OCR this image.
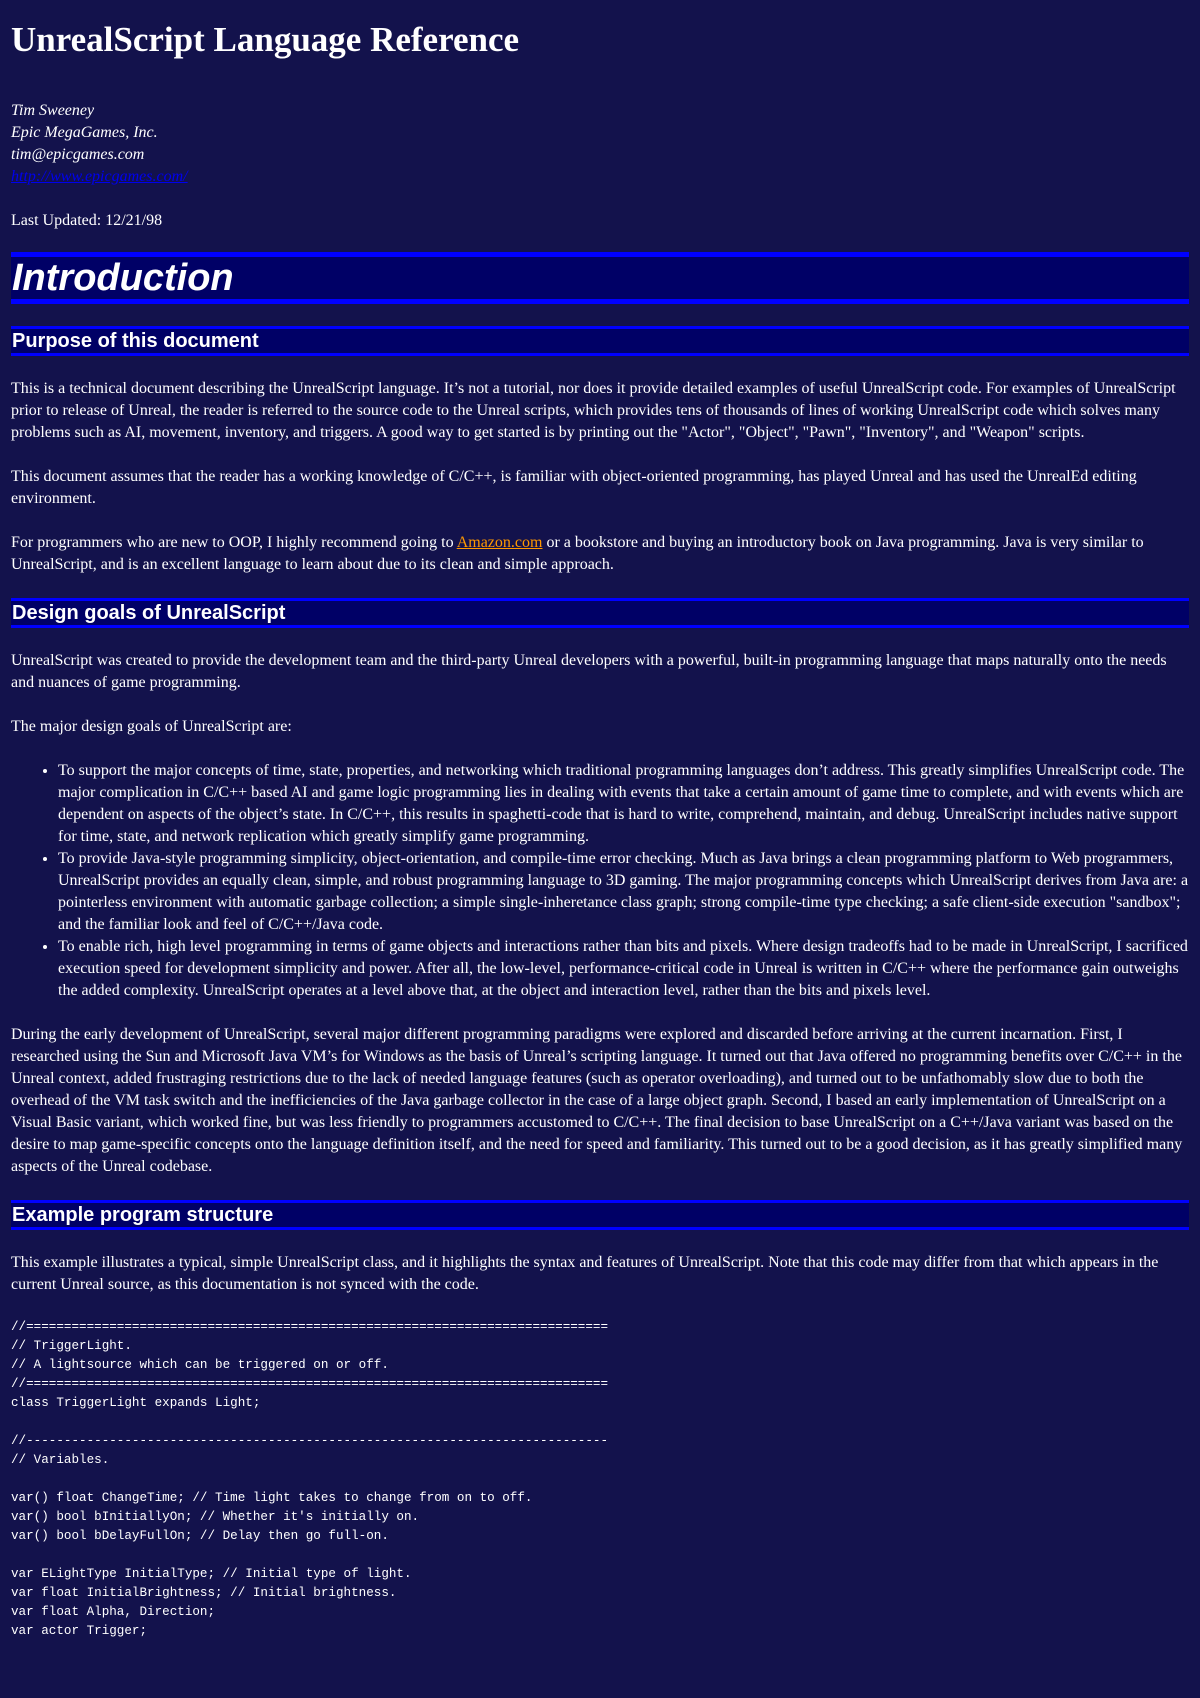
UnrealScript Language Reference
Tim Sweeney
Epic MegaGames, Inc.
tim@epicgames.com
http://www.epicgames.com/
Last Updated: 12/21/98
Introduction
Purpose of this document

This is a technical document describing the UnrealScript language. It’s not a tutorial, nor does it provide detailed examples of useful UnrealScript code. For examples of UnrealScript prior to release of Unreal, the reader is referred to the source code to the Unreal scripts, which provides tens of thousands of lines of working UnrealScript code which solves many problems such as AI, movement, inventory, and triggers. A good way to get started is by printing out the "Actor", "Object", "Pawn", "Inventory", and "Weapon" scripts.

This document assumes that the reader has a working knowledge of C/C++, is familiar with object-oriented programming, has played Unreal and has used the UnrealEd editing environment.

For programmers who are new to OOP, I highly recommend going to Amazon.com or a bookstore and buying an introductory book on Java programming. Java is very similar to UnrealScript, and is an excellent language to learn about due to its clean and simple approach.

Design goals of UnrealScript

UnrealScript was created to provide the development team and the third-party Unreal developers with a powerful, built-in programming language that maps naturally onto the needs and nuances of game programming.

The major design goals of UnrealScript are:

• To support the major concepts of time, state, properties, and networking which traditional programming languages don’t address. This greatly simplifies UnrealScript code. The major complication in C/C++ based AI and game logic programming lies in dealing with events that take a certain amount of game time to complete, and with events which are dependent on aspects of the object’s state. In C/C++, this results in spaghetti-code that is hard to write, comprehend, maintain, and debug. UnrealScript includes native support for time, state, and network replication which greatly simplify game programming.
• To provide Java-style programming simplicity, object-orientation, and compile-time error checking. Much as Java brings a clean programming platform to Web programmers, UnrealScript provides an equally clean, simple, and robust programming language to 3D gaming. The major programming concepts which UnrealScript derives from Java are: a pointerless environment with automatic garbage collection; a simple single-inheretance class graph; strong compile-time type checking; a safe client-side execution "sandbox"; and the familiar look and feel of C/C++/Java code.
• To enable rich, high level programming in terms of game objects and interactions rather than bits and pixels. Where design tradeoffs had to be made in UnrealScript, I sacrificed execution speed for development simplicity and power. After all, the low-level, performance-critical code in Unreal is written in C/C++ where the performance gain outweighs the added complexity. UnrealScript operates at a level above that, at the object and interaction level, rather than the bits and pixels level.

During the early development of UnrealScript, several major different programming paradigms were explored and discarded before arriving at the current incarnation. First, I researched using the Sun and Microsoft Java VM’s for Windows as the basis of Unreal’s scripting language. It turned out that Java offered no programming benefits over C/C++ in the Unreal context, added frustraging restrictions due to the lack of needed language features (such as operator overloading), and turned out to be unfathomably slow due to both the overhead of the VM task switch and the inefficiencies of the Java garbage collector in the case of a large object graph. Second, I based an early implementation of UnrealScript on a Visual Basic variant, which worked fine, but was less friendly to programmers accustomed to C/C++. The final decision to base UnrealScript on a C++/Java variant was based on the desire to map game-specific concepts onto the language definition itself, and the need for speed and familiarity. This turned out to be a good decision, as it has greatly simplified many aspects of the Unreal codebase.

Example program structure

This example illustrates a typical, simple UnrealScript class, and it highlights the syntax and features of UnrealScript. Note that this code may differ from that which appears in the current Unreal source, as this documentation is not synced with the code.

//=============================================================================
// TriggerLight.
// A lightsource which can be triggered on or off.
//=============================================================================
class TriggerLight expands Light;

//-----------------------------------------------------------------------------
// Variables.

var() float ChangeTime; // Time light takes to change from on to off.
var() bool bInitiallyOn; // Whether it's initially on.
var() bool bDelayFullOn; // Delay then go full-on.

var ELightType InitialType; // Initial type of light.
var float InitialBrightness; // Initial brightness.
var float Alpha, Direction;
var actor Trigger;
